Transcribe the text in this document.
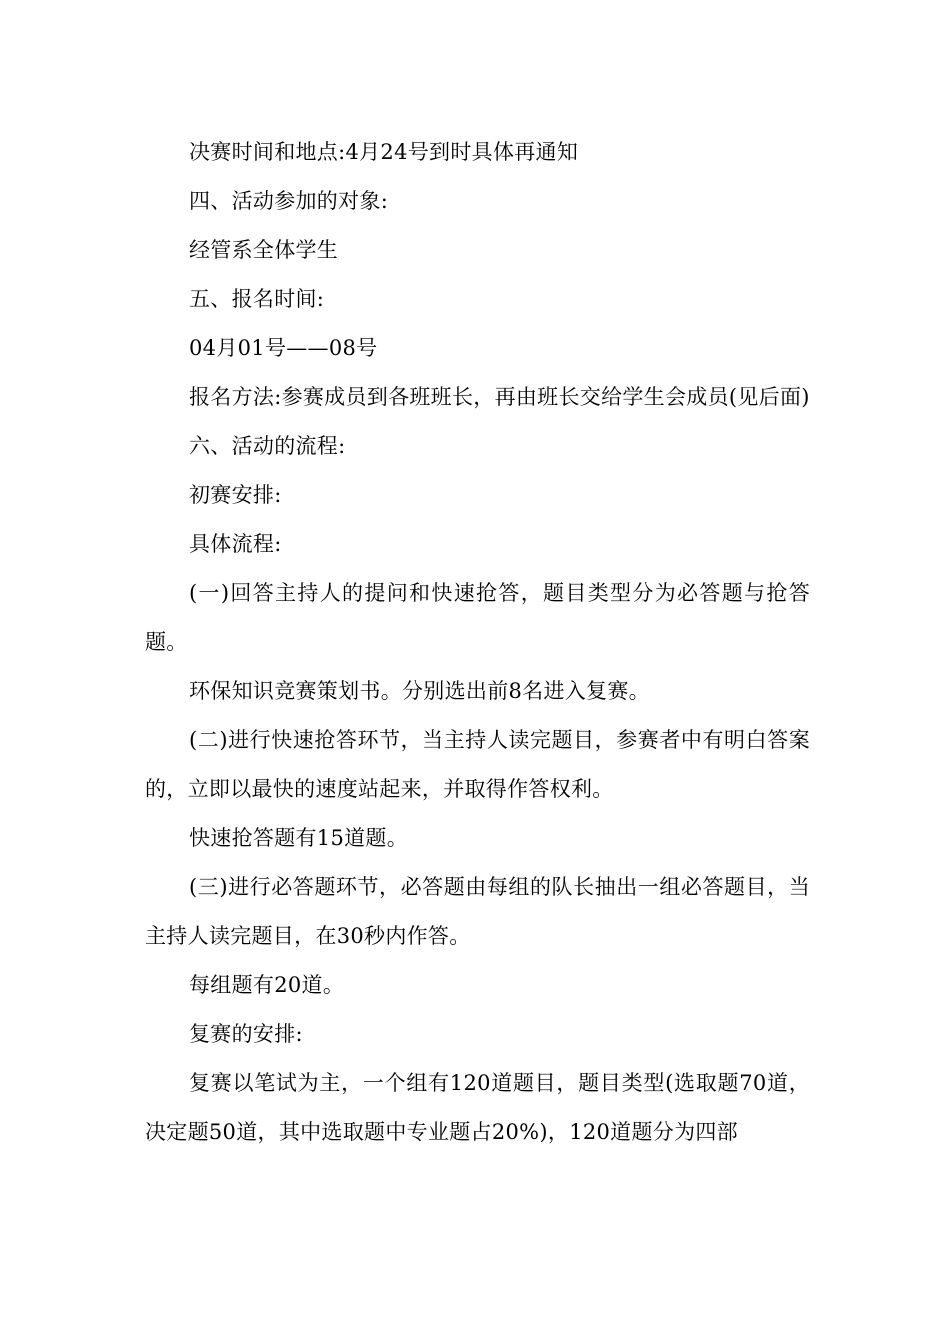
决赛时间和地点:4月24号到时具体再通知

四、活动参加的对象:

经管系全体学生

五、报名时间:

04月01号——08号

报名方法:参赛成员到各班班长，再由班长交给学生会成员(见后面)

六、活动的流程:

初赛安排:

具体流程:

(一)回答主持人的提问和快速抢答，题目类型分为必答题与抢答题。

环保知识竞赛策划书。分别选出前8名进入复赛。

(二)进行快速抢答环节，当主持人读完题目，参赛者中有明白答案的，立即以最快的速度站起来，并取得作答权利。

快速抢答题有15道题。

(三)进行必答题环节，必答题由每组的队长抽出一组必答题目，当主持人读完题目，在30秒内作答。

每组题有20道。

复赛的安排:

复赛以笔试为主，一个组有120道题目，题目类型(选取题70道，决定题50道，其中选取题中专业题占20%)，120道题分为四部
